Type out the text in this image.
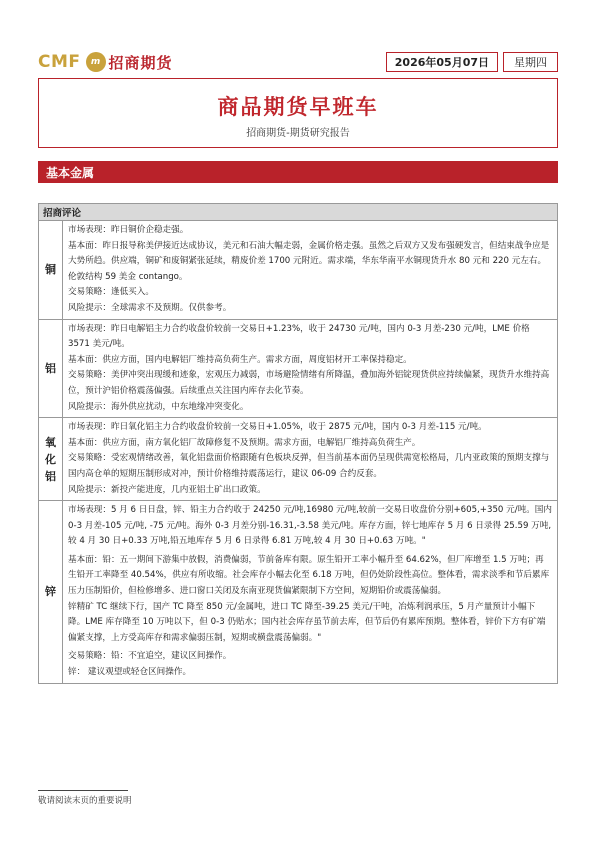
CMF	m 招商期货	2026年05月07日	星期四
商品期货早班车
招商期货-期货研究报告
基本金属
招商评论
铜

市场表现：昨日铜价企稳走强。

基本面：昨日报导称美伊接近达成协议，美元和石油大幅走弱，金属价格走强。虽然之后双方又发布强硬发言，但结束战争应是大势所趋。供应端，铜矿和废铜紧张延续，精废价差 1700 元附近。需求端，华东华南平水铜现货升水 80 元和 220 元左右。伦敦结构 59 美金 contango。

交易策略：逢低买入。

风险提示：全球需求不及预期。仅供参考。

铝

市场表现：昨日电解铝主力合约收盘价较前一交易日+1.23%，收于 24730 元/吨，国内 0-3 月差-230 元/吨，LME 价格 3571 美元/吨。

基本面：供应方面，国内电解铝厂维持高负荷生产。需求方面，周度铝材开工率保持稳定。

交易策略：美伊冲突出现缓和迹象，宏观压力减弱，市场避险情绪有所降温，叠加海外铝锭现货供应持续偏紧，现货升水维持高位，预计沪铝价格震荡偏强。后续重点关注国内库存去化节奏。

风险提示：海外供应扰动，中东地缘冲突变化。

氧化铝

市场表现：昨日氧化铝主力合约收盘价较前一交易日+1.05%，收于 2875 元/吨，国内 0-3 月差-115 元/吨。

基本面：供应方面，南方氧化铝厂故障修复不及预期。需求方面，电解铝厂维持高负荷生产。

交易策略：受宏观情绪改善，氧化铝盘面价格跟随有色板块反弹，但当前基本面仍呈现供需宽松格局，几内亚政策的预期支撑与国内高仓单的短期压制形成对冲，预计价格维持震荡运行，建议 06-09 合约反套。

风险提示：新投产能进度，几内亚铝土矿出口政策。

锌

市场表现：5 月 6 日日盘，锌、铅主力合约收于 24250 元/吨,16980 元/吨,较前一交易日收盘价分别+605,+350 元/吨。国内 0-3 月差-105 元/吨, -75 元/吨。海外 0-3 月差分别-16.31,-3.58 美元/吨。库存方面，锌七地库存 5 月 6 日录得 25.59 万吨,较 4 月 30 日+0.33 万吨,铅五地库存 5 月 6 日录得 6.81 万吨,较 4 月 30 日+0.63 万吨。"

基本面：铅：五一期间下游集中放假，消费偏弱，节前备库有限。原生铅开工率小幅升至 64.62%，但厂库增至 1.5 万吨；再生铅开工率降至 40.54%，供应有所收缩。社会库存小幅去化至 6.18 万吨，但仍处阶段性高位。整体看，需求淡季和节后累库压力压制铅价，但检修增多、进口窗口关闭及东南亚现货偏紧限制下方空间，短期铅价或震荡偏弱。

锌精矿 TC 继续下行，国产 TC 降至 850 元/金属吨，进口 TC 降至-39.25 美元/干吨，冶炼利润承压，5 月产量预计小幅下降。LME 库存降至 10 万吨以下，但 0-3 仍贴水；国内社会库存虽节前去库，但节后仍有累库预期。整体看，锌价下方有矿端偏紧支撑，上方受高库存和需求偏弱压制，短期或横盘震荡偏弱。"

交易策略：铅：不宜追空，建议区间操作。

锌： 建议观望或轻仓区间操作。

敬请阅读末页的重要说明
